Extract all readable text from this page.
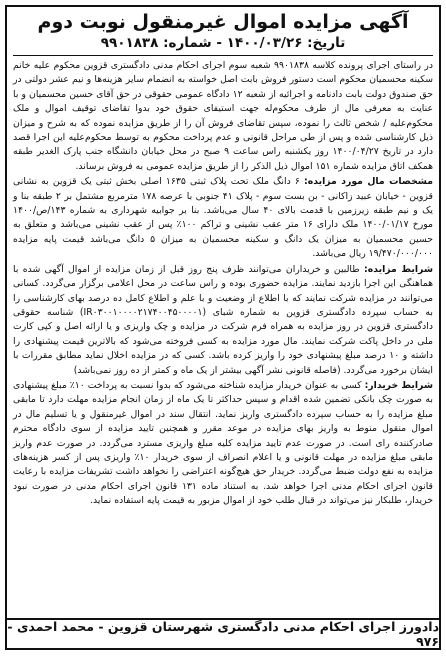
آگهی مزایده اموال غیرمنقول نوبت دوم
تاریخ: ۱۴۰۰/۰۳/۲۶ - شماره: ۹۹۰۱۸۳۸

در راستای اجرای پرونده کلاسه ۹۹۰۱۸۳۸ شعبه سوم اجرای احکام مدنی دادگستری قزوین محکوم علیه خانم سکینه محسمیان محکوم است دستور فروش بابت اصل خواسته به انضمام سایر هزینه‌ها و نیم عشر دولتی در حق صندوق دولت بابت دادنامه و اجرائیه از شعبه ۱۲ دادگاه عمومی حقوقی در حق آقای حسین محسمیان و با عنایت به معرفی مال از طرف محکوم‌له جهت استیفای حقوق خود بدوا تقاضای توقیف اموال و ملک محکوم‌علیه / شخص ثالث را نموده، سپس تقاضای فروش آن را از طریق مزایده نموده که به شرح و میزان ذیل کارشناسی شده و پس از طی مراحل قانونی و عدم پرداخت محکوم به توسط محکوم‌علیه این اجرا قصد دارد در تاریخ ۱۴۰۰/۰۴/۲۷ روز یکشنبه راس ساعت ۹ صبح در محل خیابان دانشگاه جنب پارک الغدیر طبقه همکف اتاق مزایده شماره ۱۵۱ اموال ذیل الذکر را از طریق مزایده عمومی به فروش برساند.

مشخصات مال مورد مزایده: ۶ دانگ ملک تحت پلاک ثبتی ۱۶۳۵ اصلی بخش ثبتی یک قزوین به نشانی قزوین - خیابان عبید زاکانی - بن بست سوم - پلاک ۴۱ جنوبی با عرصه ۱۷۸ مترمربع مشتمل بر ۲ طبقه بنا و یک و نیم طبقه زیرزمین با قدمت بالای ۴۰ سال می‌باشد. بنا بر جوابیه شهرداری به شماره ۱۴۳/ص/۱۴۰۰ مورخ ۱۴۰۰/۰۱/۱۷ ملک دارای ۱۶ متر عقب نشینی و تراکم ۱۰۰٪ پس از عقب نشینی می‌باشد و متعلق به حسین محسمیان به میزان یک دانگ و سکینه محسمیان به میزان ۵ دانگ می‌باشد قیمت پایه مزایده ۱۹/۴۷۰/۰۰۰/۰۰۰ ریال می‌باشد.

شرایط مزایده: طالبین و خریداران می‌توانند ظرف پنج روز قبل از زمان مزایده از اموال آگهی شده با هماهنگی این اجرا بازدید نمایند. مزایده حضوری بوده و راس ساعت در محل اعلامی برگزار می‌گردد. کسانی می‌توانند در مزایده شرکت نمایند که با اطلاع از وضعیت و با علم و اطلاع کامل ده درصد بهای کارشناسی را به حساب سپرده دادگستری قزوین به شماره شبای (IR۰۳۰۰۱۰۰۰۰۲۱۷۴۰۰۴۵۰۰۰۰۱) شناسه حقوقی دادگستری قزوین در روز مزایده به همراه فرم شرکت در مزایده و چک واریزی و یا ارائه اصل و کپی کارت ملی در داخل پاکت شرکت نمایند. مال مورد مزایده به کسی فروخته می‌شود که بالاترین قیمت پیشنهادی را داشته و ۱۰ درصد مبلغ پیشنهادی خود را واریز کرده باشد. کسی که در مزایده اخلال نماید مطابق مقررات با ایشان برخورد می‌گردد. (فاصله قانونی نشر آگهی بیشتر از یک ماه و کمتر از ده روز نمی‌باشد)

شرایط خریدار: کسی به عنوان خریدار مزایده شناخته می‌شود که بدوا نسبت به پرداخت ۱۰٪ مبلغ پیشنهادی به صورت چک بانکی تضمین شده اقدام و سپس حداکثر تا یک ماه از زمان انجام مزایده مهلت دارد تا مابقی مبلغ مزایده را به حساب سپرده دادگستری واریز نماید. انتقال سند در اموال غیرمنقول و یا تسلیم مال در اموال منقول منوط به واریز بهای مزایده در موعد مقرر و همچنین تایید مزایده از سوی دادگاه محترم صادرکننده رای است. در صورت عدم تایید مزایده کلیه مبلغ واریزی مسترد می‌گردد. در صورت عدم واریز مابقی مبلغ مزایده در مهلت قانونی و یا اعلام انصراف از سوی خریدار ۱۰٪ واریزی پس از کسر هزینه‌های مزایده به نفع دولت ضبط می‌گردد. خریدار حق هیچ‌گونه اعتراضی را نخواهد داشت تشریفات مزایده با رعایت قانون اجرای احکام مدنی اجرا خواهد شد. به استناد ماده ۱۳۱ قانون اجرای احکام مدنی در صورت نبود خریدار، طلبکار نیز می‌تواند در قبال طلب خود از اموال مزبور به قیمت پایه استفاده نماید.

دادورز اجرای احکام مدنی دادگستری شهرستان قزوین - محمد احمدی - ۹۷۶
